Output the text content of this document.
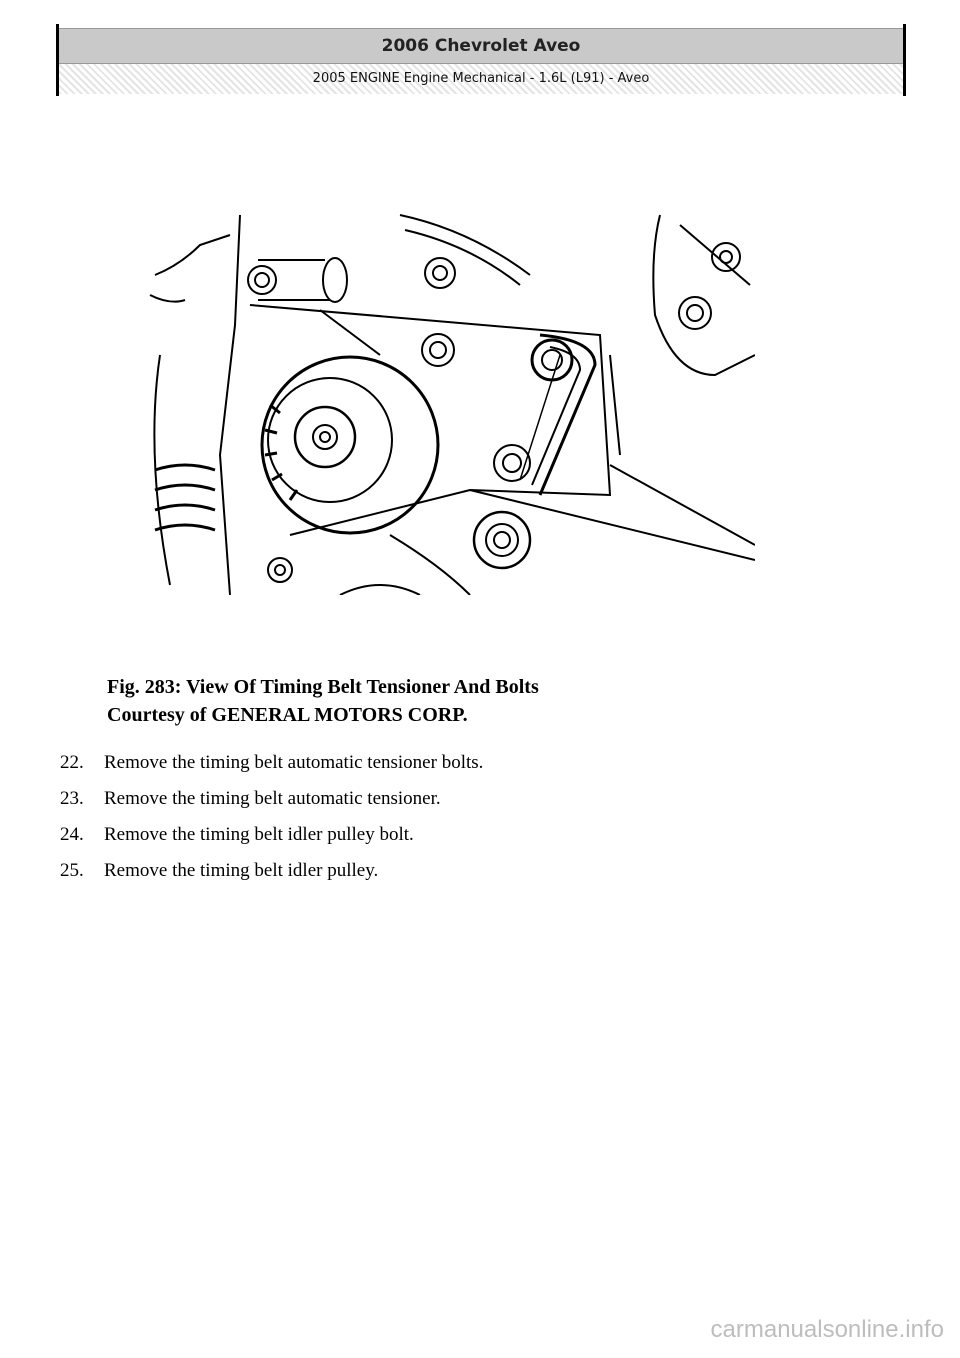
2006 Chevrolet Aveo
2005 ENGINE Engine Mechanical - 1.6L (L91) - Aveo
Fig. 283: View Of Timing Belt Tensioner And Bolts
Courtesy of GENERAL MOTORS CORP.
22.	Remove the timing belt automatic tensioner bolts.
23.	Remove the timing belt automatic tensioner.
24.	Remove the timing belt idler pulley bolt.
25.	Remove the timing belt idler pulley.
carmanualsonline.info
